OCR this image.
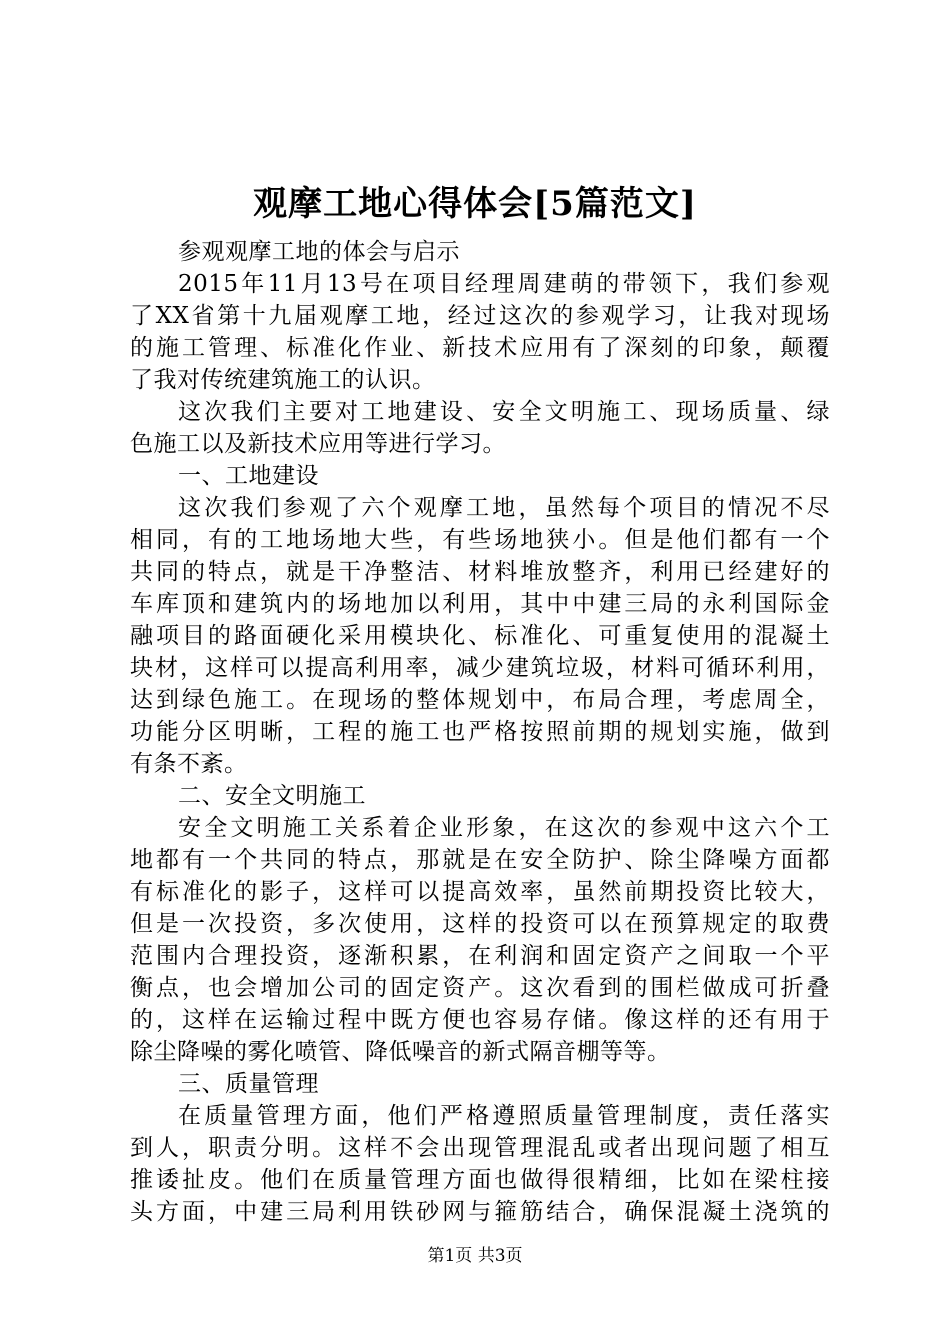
观摩工地心得体会[5篇范文]
参观观摩工地的体会与启示
2015年11月13号在项目经理周建萌的带领下，我们参观
了XX省第十九届观摩工地，经过这次的参观学习，让我对现场
的施工管理、标准化作业、新技术应用有了深刻的印象，颠覆
了我对传统建筑施工的认识。
这次我们主要对工地建设、安全文明施工、现场质量、绿
色施工以及新技术应用等进行学习。
一、工地建设
这次我们参观了六个观摩工地，虽然每个项目的情况不尽
相同，有的工地场地大些，有些场地狭小。但是他们都有一个
共同的特点，就是干净整洁、材料堆放整齐，利用已经建好的
车库顶和建筑内的场地加以利用，其中中建三局的永利国际金
融项目的路面硬化采用模块化、标准化、可重复使用的混凝土
块材，这样可以提高利用率，减少建筑垃圾，材料可循环利用，
达到绿色施工。在现场的整体规划中，布局合理，考虑周全，
功能分区明晰，工程的施工也严格按照前期的规划实施，做到
有条不紊。
二、安全文明施工
安全文明施工关系着企业形象，在这次的参观中这六个工
地都有一个共同的特点，那就是在安全防护、除尘降噪方面都
有标准化的影子，这样可以提高效率，虽然前期投资比较大，
但是一次投资，多次使用，这样的投资可以在预算规定的取费
范围内合理投资，逐渐积累，在利润和固定资产之间取一个平
衡点，也会增加公司的固定资产。这次看到的围栏做成可折叠
的，这样在运输过程中既方便也容易存储。像这样的还有用于
除尘降噪的雾化喷管、降低噪音的新式隔音棚等等。
三、质量管理
在质量管理方面，他们严格遵照质量管理制度，责任落实
到人，职责分明。这样不会出现管理混乱或者出现问题了相互
推诿扯皮。他们在质量管理方面也做得很精细，比如在梁柱接
头方面，中建三局利用铁砂网与箍筋结合，确保混凝土浇筑的
第1页 共3页
